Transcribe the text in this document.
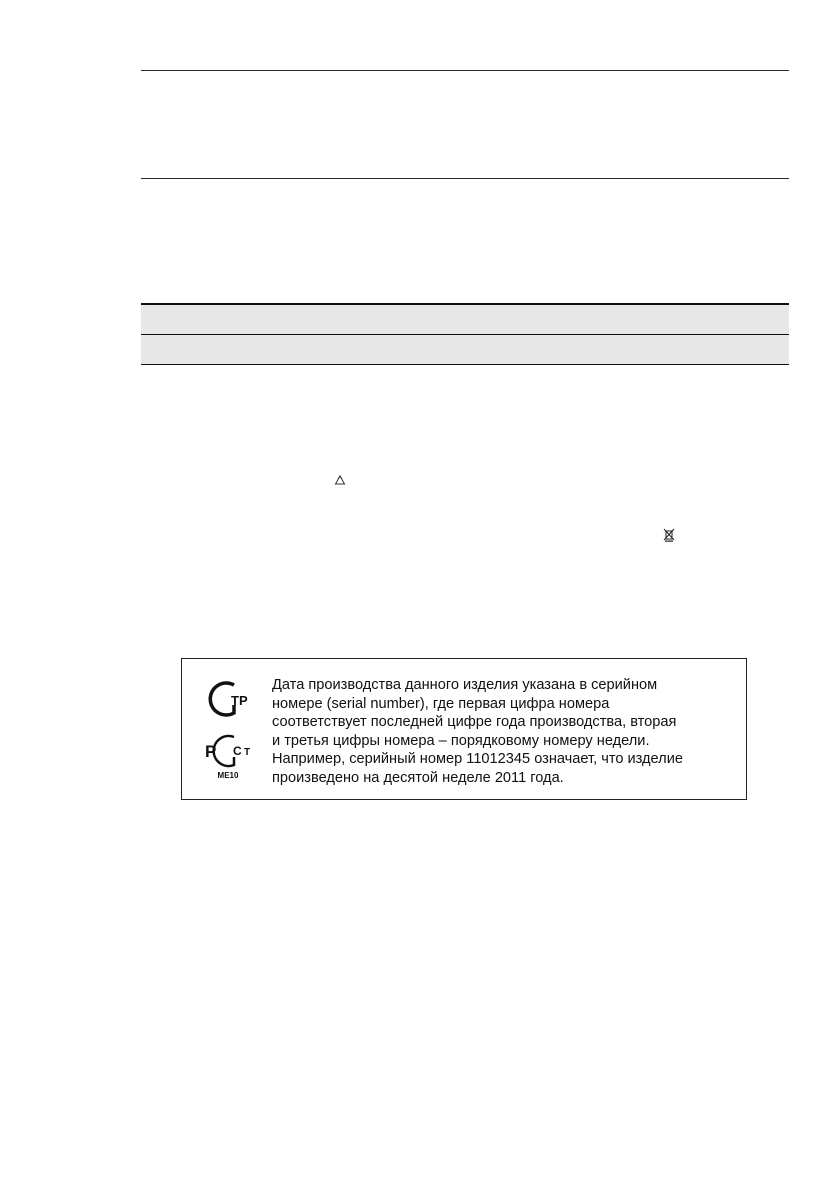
ТР
Р С Т
ME10
Дата производства данного изделия указана в серийном
номере (serial number), где первая цифра номера
соответствует последней цифре года производства, вторая
и третья цифры номера – порядковому номеру недели.
Например, серийный номер 11012345 означает, что изделие
произведено на десятой неделе 2011 года.
